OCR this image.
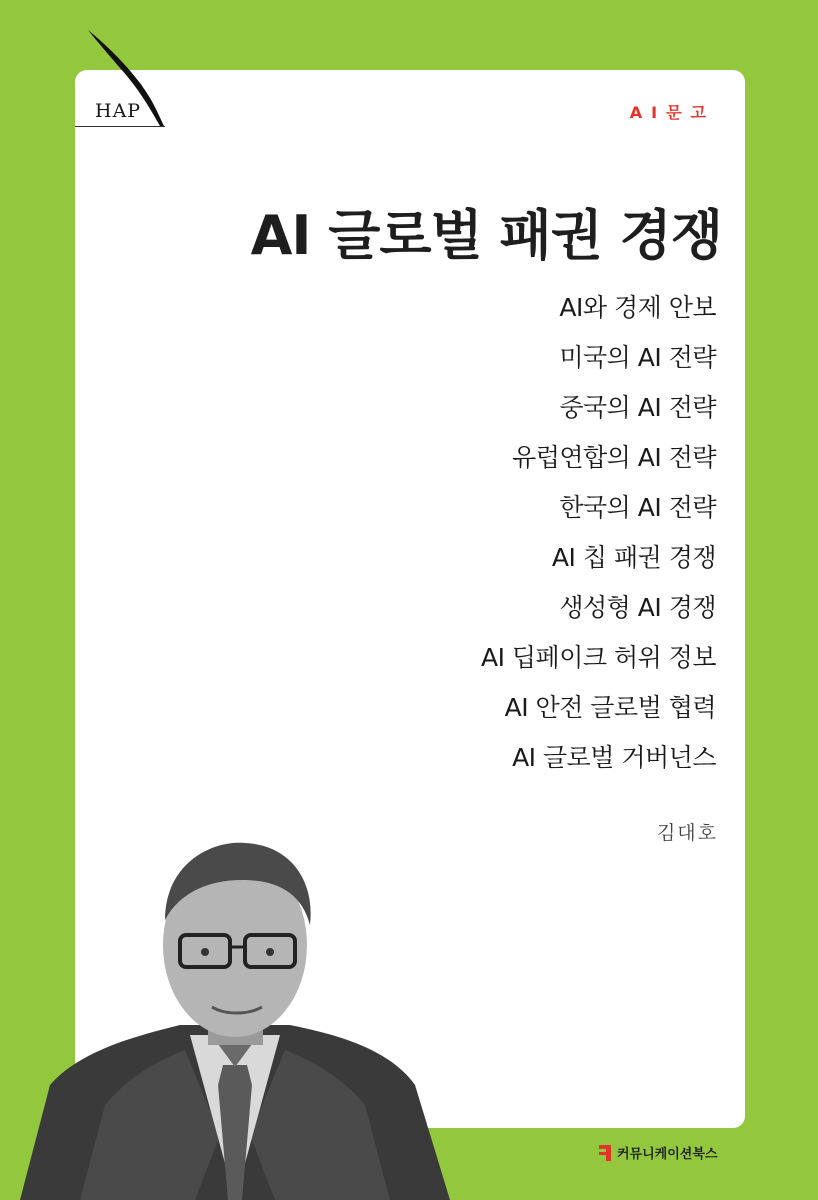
HAP	AI문고
AI 글로벌 패권 경쟁
AI와 경제 안보
미국의 AI 전략
중국의 AI 전략
유럽연합의 AI 전략
한국의 AI 전략
AI 칩 패권 경쟁
생성형 AI 경쟁
AI 딥페이크 허위 정보
AI 안전 글로벌 협력
AI 글로벌 거버넌스
김대호
커뮤니케이션북스
